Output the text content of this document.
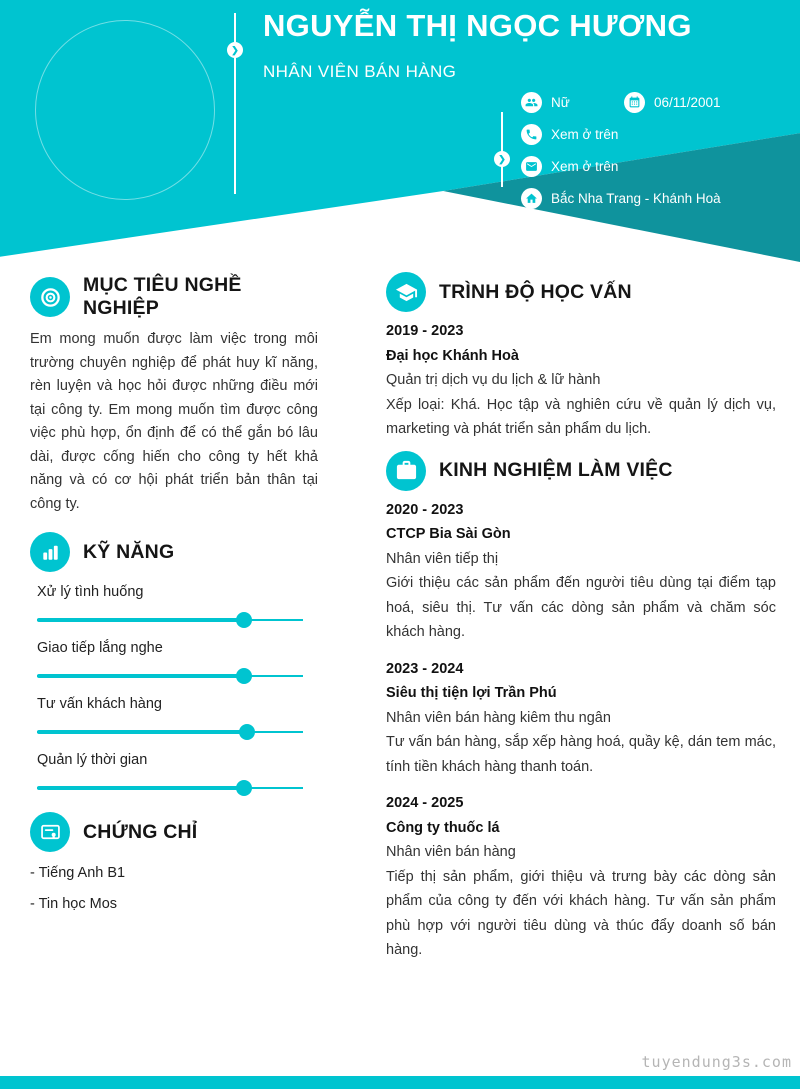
❯
NGUYỄN THỊ NGỌC HƯƠNG
NHÂN VIÊN BÁN HÀNG
❯
Nữ	06/11/2001
Xem ở trên
Xem ở trên
Bắc Nha Trang - Khánh Hoà
MỤC TIÊU NGHỀ NGHIỆP

Em mong muốn được làm việc trong môi trường chuyên nghiệp để phát huy kĩ năng, rèn luyện và học hỏi được những điều mới tại công ty. Em mong muốn tìm được công việc phù hợp, ổn định để có thể gắn bó lâu dài, được cống hiến cho công ty hết khả năng và có cơ hội phát triển bản thân tại công ty.

KỸ NĂNG
Xử lý tình huống
Giao tiếp lắng nghe
Tư vấn khách hàng
Quản lý thời gian
CHỨNG CHỈ
- Tiếng Anh B1
- Tin học Mos
TRÌNH ĐỘ HỌC VẤN
2019 - 2023
Đại học Khánh Hoà
Quản trị dịch vụ du lịch & lữ hành
Xếp loại: Khá. Học tập và nghiên cứu về quản lý dịch vụ, marketing và phát triển sản phẩm du lịch.
KINH NGHIỆM LÀM VIỆC
2020 - 2023
CTCP Bia Sài Gòn
Nhân viên tiếp thị
Giới thiệu các sản phẩm đến người tiêu dùng tại điểm tạp hoá, siêu thị. Tư vấn các dòng sản phẩm và chăm sóc khách hàng.
2023 - 2024
Siêu thị tiện lợi Trần Phú
Nhân viên bán hàng kiêm thu ngân
Tư vấn bán hàng, sắp xếp hàng hoá, quầy kệ, dán tem mác, tính tiền khách hàng thanh toán.
2024 - 2025
Công ty thuốc lá
Nhân viên bán hàng
Tiếp thị sản phẩm, giới thiệu và trưng bày các dòng sản phẩm của công ty đến với khách hàng. Tư vấn sản phẩm phù hợp với người tiêu dùng và thúc đẩy doanh số bán hàng.
tuyendung3s.com
